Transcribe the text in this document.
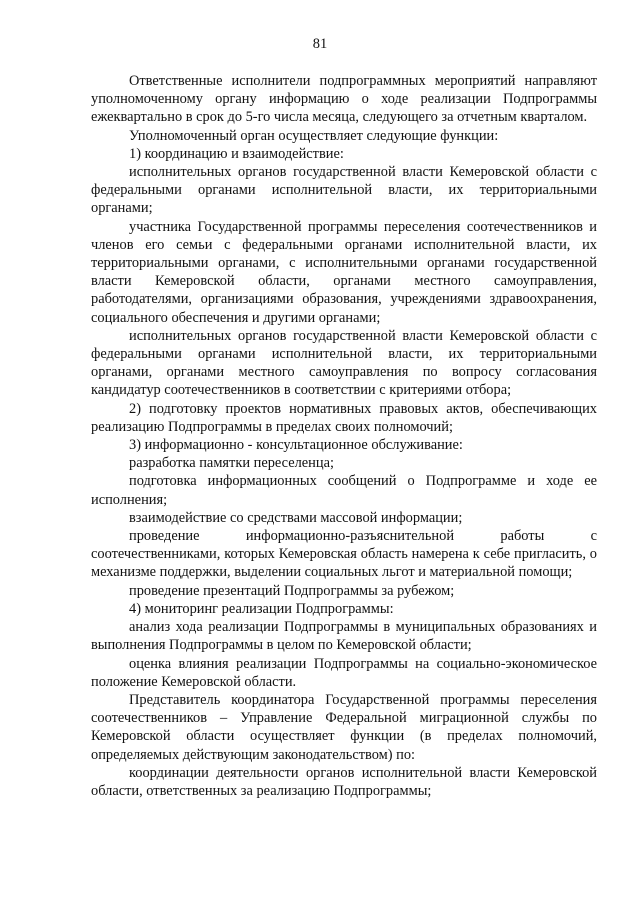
81

Ответственные исполнители подпрограммных мероприятий направляют уполномоченному органу информацию о ходе реализации Подпрограммы ежеквартально в срок до 5-го числа месяца, следующего за отчетным кварталом.

Уполномоченный орган осуществляет следующие функции:

1) координацию и взаимодействие:

исполнительных органов государственной власти Кемеровской области с федеральными органами исполнительной власти, их территориальными органами;

участника Государственной программы переселения соотечественников и членов его семьи с федеральными органами исполнительной власти, их территориальными органами, с исполнительными органами государственной власти Кемеровской области, органами местного самоуправления, работодателями, организациями образования, учреждениями здравоохранения, социального обеспечения и другими органами;

исполнительных органов государственной власти Кемеровской области с федеральными органами исполнительной власти, их территориальными органами, органами местного самоуправления по вопросу согласования кандидатур соотечественников в соответствии с критериями отбора;

2) подготовку проектов нормативных правовых актов, обеспечивающих реализацию Подпрограммы в пределах своих полномочий;

3) информационно - консультационное обслуживание:

разработка памятки переселенца;

подготовка информационных сообщений о Подпрограмме и ходе ее исполнения;

взаимодействие со средствами массовой информации;

проведение информационно-разъяснительной работы с соотечественниками, которых Кемеровская область намерена к себе пригласить, о механизме поддержки, выделении социальных льгот и материальной помощи;

проведение презентаций Подпрограммы за рубежом;

4) мониторинг реализации Подпрограммы:

анализ хода реализации Подпрограммы в муниципальных образованиях и выполнения Подпрограммы в целом по Кемеровской области;

оценка влияния реализации Подпрограммы на социально-экономическое положение Кемеровской области.

Представитель координатора Государственной программы переселения соотечественников – Управление Федеральной миграционной службы по Кемеровской области осуществляет функции (в пределах полномочий, определяемых действующим законодательством) по:

координации деятельности органов исполнительной власти Кемеровской области, ответственных за реализацию Подпрограммы;
